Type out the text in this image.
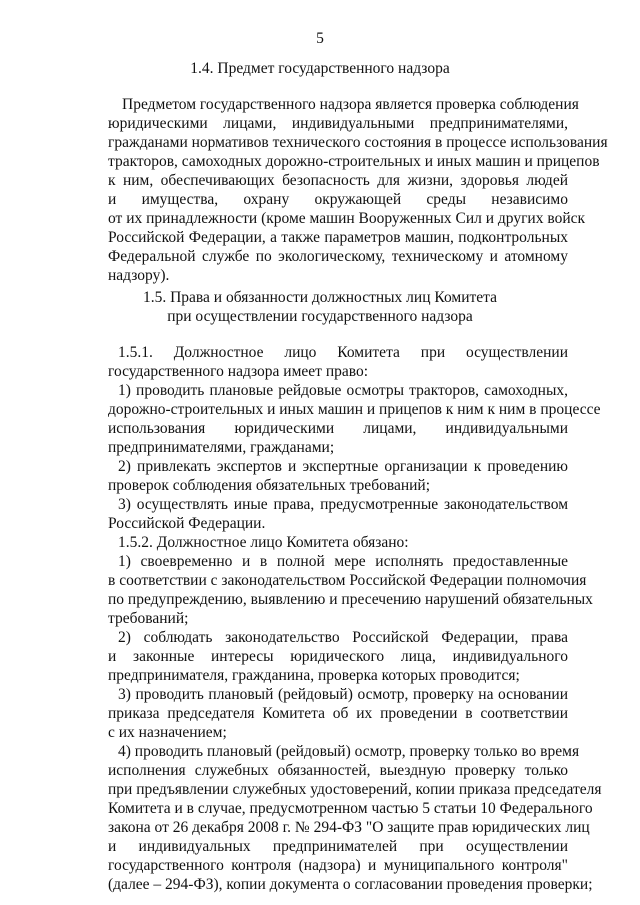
5
1.4. Предмет государственного надзора
Предметом государственного надзора является проверка соблюдения
юридическими лицами, индивидуальными предпринимателями,
гражданами нормативов технического состояния в процессе использования
тракторов, самоходных дорожно-строительных и иных машин и прицепов
к ним, обеспечивающих безопасность для жизни, здоровья людей
и имущества, охрану окружающей среды независимо
от их принадлежности (кроме машин Вооруженных Сил и других войск
Российской Федерации, а также параметров машин, подконтрольных
Федеральной службе по экологическому, техническому и атомному
надзору).
1.5. Права и обязанности должностных лиц Комитета
при осуществлении государственного надзора
1.5.1. Должностное лицо Комитета при осуществлении
государственного надзора имеет право:
1) проводить плановые рейдовые осмотры тракторов, самоходных,
дорожно-строительных и иных машин и прицепов к ним к ним в процессе
использования юридическими лицами, индивидуальными
предпринимателями, гражданами;
2) привлекать экспертов и экспертные организации к проведению
проверок соблюдения обязательных требований;
3) осуществлять иные права, предусмотренные законодательством
Российской Федерации.
1.5.2. Должностное лицо Комитета обязано:
1) своевременно и в полной мере исполнять предоставленные
в соответствии с законодательством Российской Федерации полномочия
по предупреждению, выявлению и пресечению нарушений обязательных
требований;
2) соблюдать законодательство Российской Федерации, права
и законные интересы юридического лица, индивидуального
предпринимателя, гражданина, проверка которых проводится;
3) проводить плановый (рейдовый) осмотр, проверку на основании
приказа председателя Комитета об их проведении в соответствии
с их назначением;
4) проводить плановый (рейдовый) осмотр, проверку только во время
исполнения служебных обязанностей, выездную проверку только
при предъявлении служебных удостоверений, копии приказа председателя
Комитета и в случае, предусмотренном частью 5 статьи 10 Федерального
закона от 26 декабря 2008 г. № 294-ФЗ "О защите прав юридических лиц
и индивидуальных предпринимателей при осуществлении
государственного контроля (надзора) и муниципального контроля"
(далее – 294-ФЗ), копии документа о согласовании проведения проверки;
